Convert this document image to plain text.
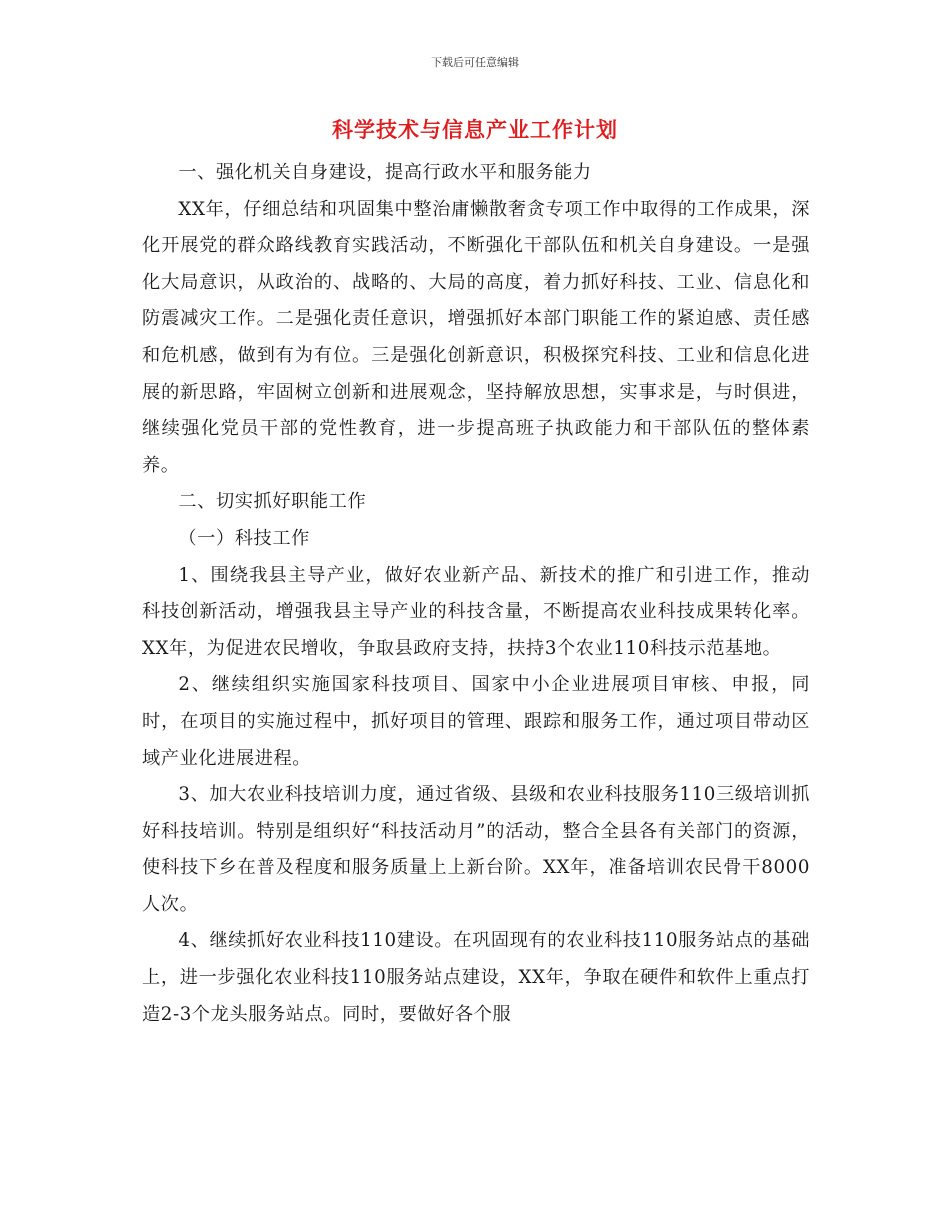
下载后可任意编辑
科学技术与信息产业工作计划

一、强化机关自身建设，提高行政水平和服务能力

XX年，仔细总结和巩固集中整治庸懒散奢贪专项工作中取得的工作成果，深化开展党的群众路线教育实践活动，不断强化干部队伍和机关自身建设。一是强化大局意识，从政治的、战略的、大局的高度，着力抓好科技、工业、信息化和防震减灾工作。二是强化责任意识，增强抓好本部门职能工作的紧迫感、责任感和危机感，做到有为有位。三是强化创新意识，积极探究科技、工业和信息化进展的新思路，牢固树立创新和进展观念，坚持解放思想，实事求是，与时俱进，继续强化党员干部的党性教育，进一步提高班子执政能力和干部队伍的整体素养。

二、切实抓好职能工作

（一）科技工作

1、围绕我县主导产业，做好农业新产品、新技术的推广和引进工作，推动科技创新活动，增强我县主导产业的科技含量，不断提高农业科技成果转化率。XX年，为促进农民增收，争取县政府支持，扶持3个农业110科技示范基地。

2、继续组织实施国家科技项目、国家中小企业进展项目审核、申报，同时，在项目的实施过程中，抓好项目的管理、跟踪和服务工作，通过项目带动区域产业化进展进程。

3、加大农业科技培训力度，通过省级、县级和农业科技服务110三级培训抓好科技培训。特别是组织好“科技活动月”的活动，整合全县各有关部门的资源，使科技下乡在普及程度和服务质量上上新台阶。XX年，准备培训农民骨干8000人次。

4、继续抓好农业科技110建设。在巩固现有的农业科技110服务站点的基础上，进一步强化农业科技110服务站点建设，XX年，争取在硬件和软件上重点打造2-3个龙头服务站点。同时，要做好各个服
